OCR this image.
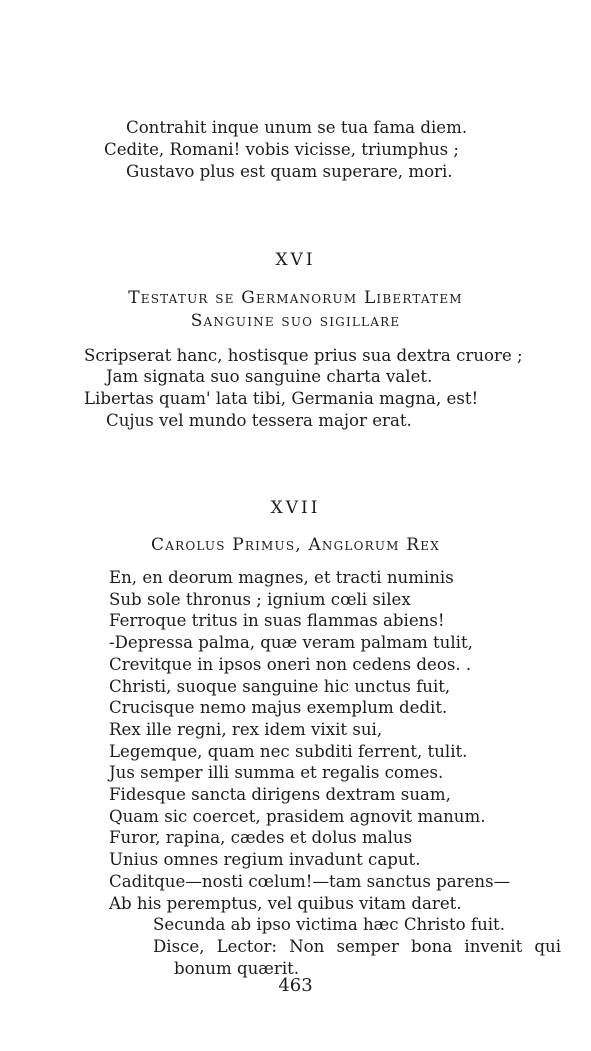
Contrahit inque unum se tua fama diem.
Cedite, Romani! vobis vicisse, triumphus ;
Gustavo plus est quam superare, mori.
XVI
Testatur se Germanorum Libertatem
Sanguine suo sigillare
Scripserat hanc, hostisque prius sua dextra cruore ;
Jam signata suo sanguine charta valet.
Libertas quam' lata tibi, Germania magna, est!
Cujus vel mundo tessera major erat.
XVII
Carolus Primus, Anglorum Rex
En, en deorum magnes, et tracti numinis
Sub sole thronus ; ignium cœli silex
Ferroque tritus in suas flammas abiens!
-Depressa palma, quæ veram palmam tulit,
Crevitque in ipsos oneri non cedens deos. .
Christi, suoque sanguine hic unctus fuit,
Crucisque nemo majus exemplum dedit.
Rex ille regni, rex idem vixit sui,
Legemque, quam nec subditi ferrent, tulit.
Jus semper illi summa et regalis comes.
Fidesque sancta dirigens dextram suam,
Quam sic coercet, prasidem agnovit manum.
Furor, rapina, cædes et dolus malus
Unius omnes regium invadunt caput.
Caditque—nosti cœlum!—tam sanctus parens—
Ab his peremptus, vel quibus vitam daret.
Secunda ab ipso victima hæc Christo fuit.
Disce, Lector: Non semper bona invenit qui
bonum quærit.
463
